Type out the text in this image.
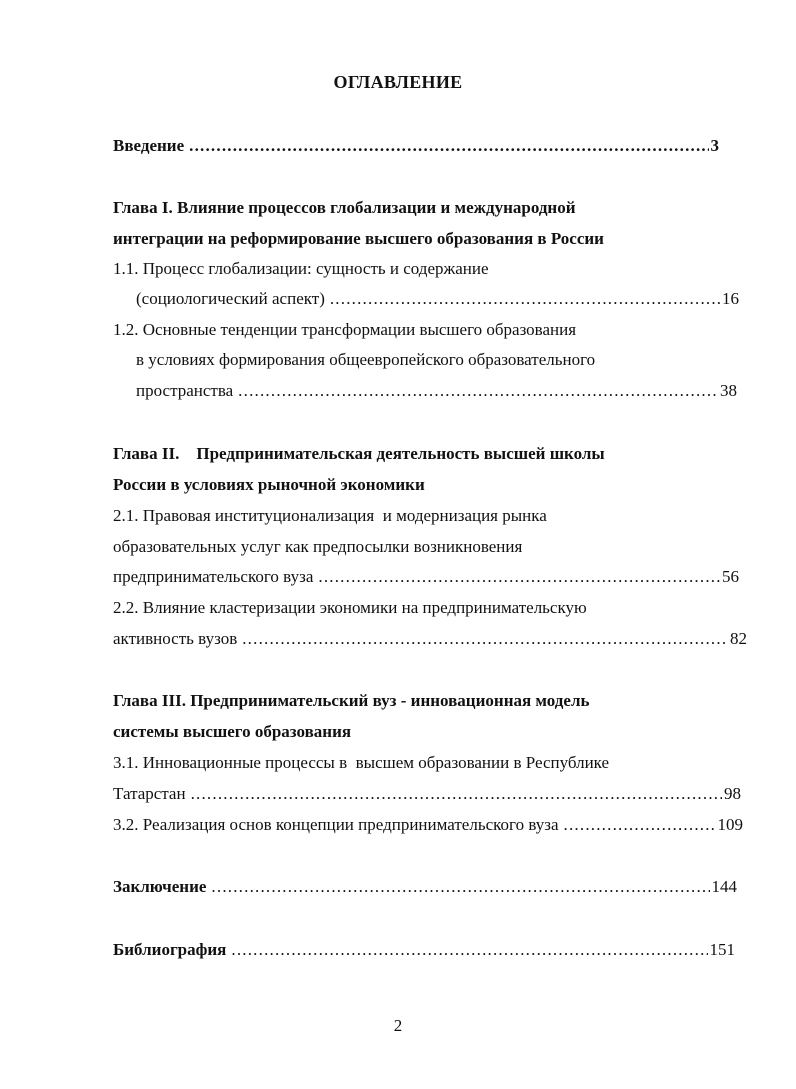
ОГЛАВЛЕНИЕ
Введение .....	3
Глава I. Влияние процессов глобализации и международной
интеграции на реформирование высшего образования в России
1.1. Процесс глобализации: сущность и содержание
(социологический аспект) .....	16
1.2. Основные тенденции трансформации высшего образования
в условиях формирования общеевропейского образовательного
пространства .....	38
Глава II.    Предпринимательская деятельность высшей школы
России в условиях рыночной экономики
2.1. Правовая институционализация  и модернизация рынка
образовательных услуг как предпосылки возникновения
предпринимательского вуза .....	56
2.2. Влияние кластеризации экономики на предпринимательскую
активность вузов .....	82
Глава III. Предпринимательский вуз - инновационная модель
системы высшего образования
3.1. Инновационные процессы в  высшем образовании в Республике
Татарстан .....	98
3.2. Реализация основ концепции предпринимательского вуза .....	109
Заключение .....	144
Библиография .....	151
2
